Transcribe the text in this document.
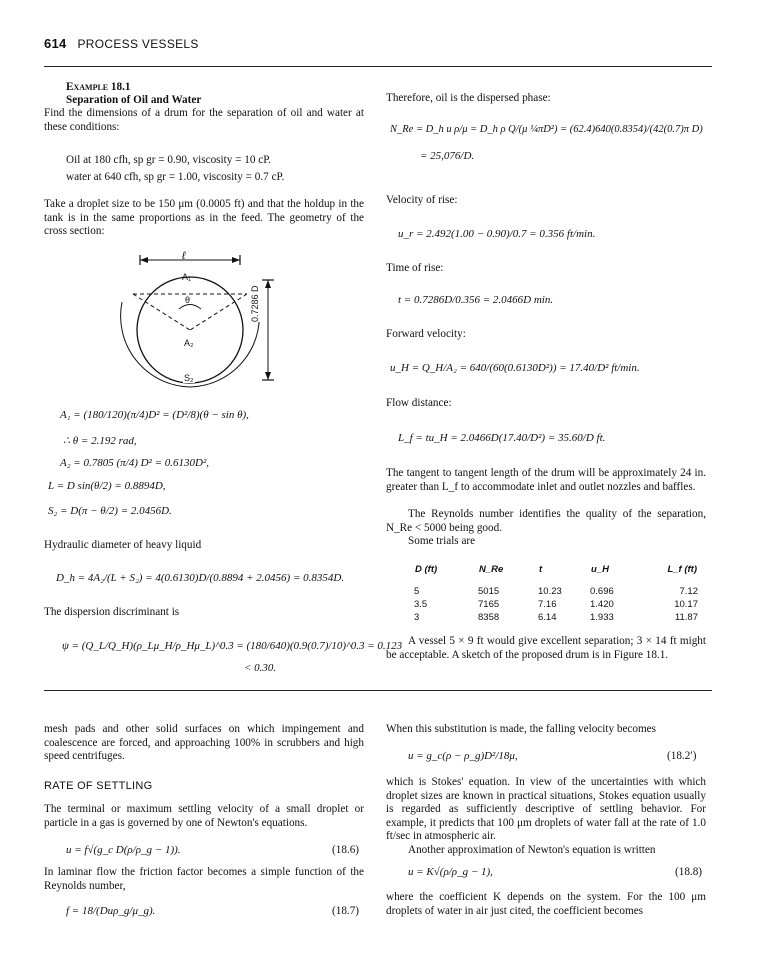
614 PROCESS VESSELS
Example 18.1
Separation of Oil and Water
Find the dimensions of a drum for the separation of oil and water at these conditions:
Oil at 180 cfh, sp gr = 0.90, viscosity = 10 cP.
water at 640 cfh, sp gr = 1.00, viscosity = 0.7 cP.
Take a droplet size to be 150 μm (0.0005 ft) and that the holdup in the tank is in the same proportions as in the feed. The geometry of the cross section:
ℓ
A₁
θ
A₂
S₂
0.7286 D
A₁ = (180/120)(π/4)D² = (D²/8)(θ − sin θ),
∴ θ = 2.192 rad,
A₂ = 0.7805 (π/4) D² = 0.6130D²,
L = D sin(θ/2) = 0.8894D,
S₂ = D(π − θ/2) = 2.0456D.
Hydraulic diameter of heavy liquid
D_h = 4A₂/(L + S₂) = 4(0.6130)D/(0.8894 + 2.0456) = 0.8354D.
The dispersion discriminant is
ψ = (Q_L/Q_H)(ρ_Lμ_H/ρ_Hμ_L)^0.3 = (180/640)(0.9(0.7)/10)^0.3 = 0.123
< 0.30.
Therefore, oil is the dispersed phase:
N_Re = D_h u ρ/μ = D_h ρ Q/(μ ¼πD²) = (62.4)640(0.8354)/(42(0.7)π D)
= 25,076/D.
Velocity of rise:
u_r = 2.492(1.00 − 0.90)/0.7 = 0.356 ft/min.
Time of rise:
t = 0.7286D/0.356 = 2.0466D min.
Forward velocity:
u_H = Q_H/A₂ = 640/(60(0.6130D²)) = 17.40/D² ft/min.
Flow distance:
L_f = tu_H = 2.0466D(17.40/D²) = 35.60/D ft.
The tangent to tangent length of the drum will be approximately 24 in. greater than L_f to accommodate inlet and outlet nozzles and baffles.
The Reynolds number identifies the quality of the separation, N_Re < 5000 being good.
Some trials are
D (ft)	N_Re	t	u_H	L_f (ft)

5	5015	10.23	0.696	7.12
3.5	7165	7.16	1.420	10.17
3	8358	6.14	1.933	11.87
A vessel 5 × 9 ft would give excellent separation; 3 × 14 ft might be acceptable. A sketch of the proposed drum is in Figure 18.1.
mesh pads and other solid surfaces on which impingement and coalescence are forced, and approaching 100% in scrubbers and high speed centrifuges.
RATE OF SETTLING
The terminal or maximum settling velocity of a small droplet or particle in a gas is governed by one of Newton's equations.
u = f√(g_c D(ρ/ρ_g − 1)).	(18.6)
In laminar flow the friction factor becomes a simple function of the Reynolds number,
f = 18/(Duρ_g/μ_g).	(18.7)
When this substitution is made, the falling velocity becomes
u = g_c(ρ − ρ_g)D²/18μ,	(18.2′)
which is Stokes' equation. In view of the uncertainties with which droplet sizes are known in practical situations, Stokes equation usually is regarded as sufficiently descriptive of settling behavior. For example, it predicts that 100 μm droplets of water fall at the rate of 1.0 ft/sec in atmospheric air.
Another approximation of Newton's equation is written
u = K√(ρ/ρ_g − 1),	(18.8)
where the coefficient K depends on the system. For the 100 μm droplets of water in air just cited, the coefficient becomes
